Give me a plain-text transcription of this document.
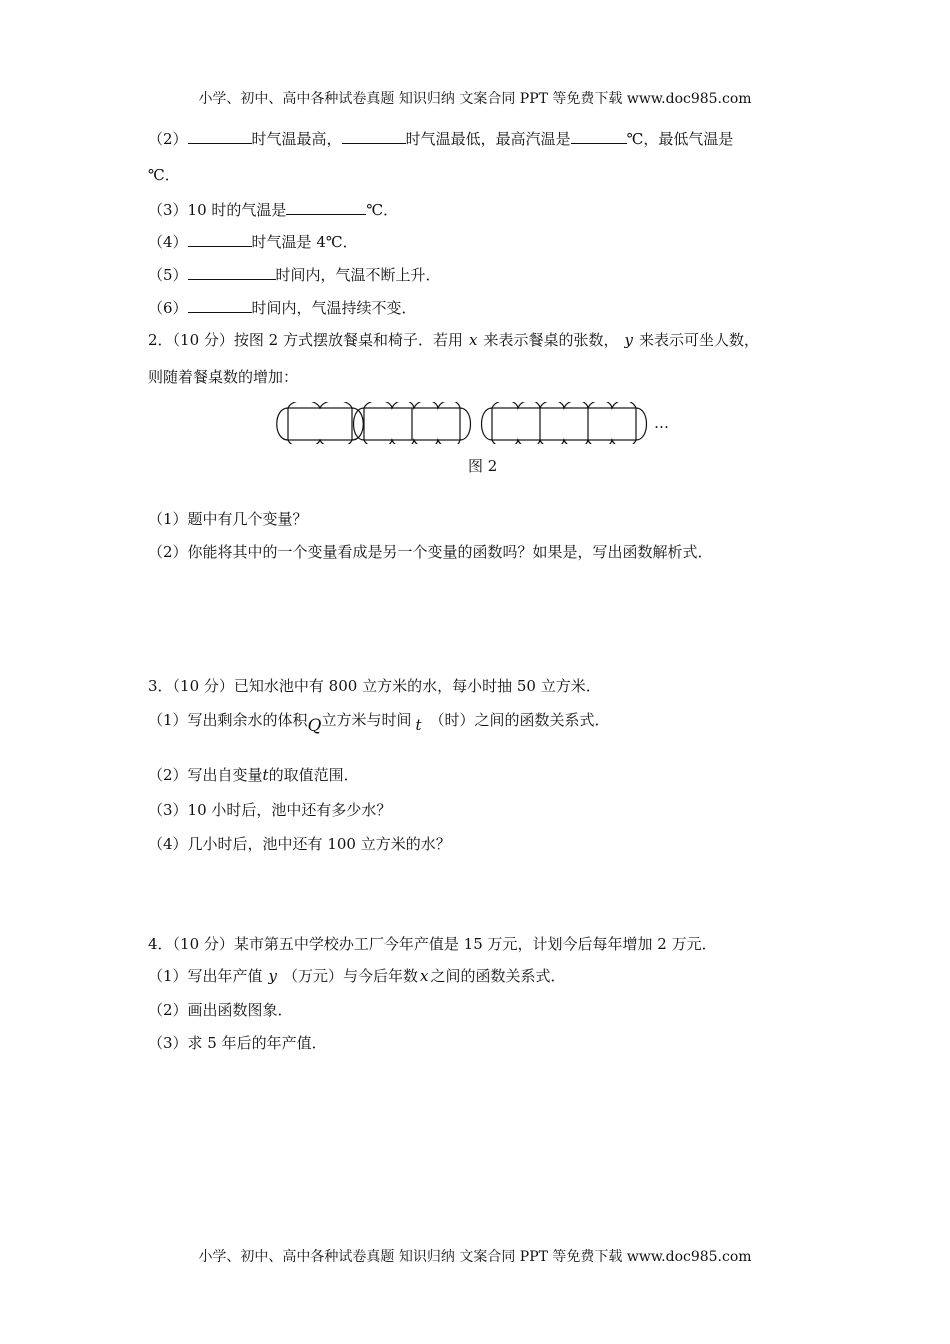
小学、初中、高中各种试卷真题 知识归纳 文案合同 PPT 等免费下载 www.doc985.com
（2）	时气温最高，	时气温最低，最高汽温是	℃，最低气温是
℃．
（3）10 时的气温是	℃．
（4）	时气温是 4℃．
（5）	时间内，气温不断上升．
（6）	时间内，气温持续不变．
2．（10 分）按图 2 方式摆放餐桌和椅子．若用 x 来表示餐桌的张数， y 来表示可坐人数，
则随着餐桌数的增加：
…
图 2
（1）题中有几个变量？
（2）你能将其中的一个变量看成是另一个变量的函数吗？如果是，写出函数解析式．
3．（10 分）已知水池中有 800 立方米的水，每小时抽 50 立方米．
（1）写出剩余水的体积Q立方米与时间 t （时）之间的函数关系式．
（2）写出自变量t的取值范围．
（3）10 小时后，池中还有多少水？
（4）几小时后，池中还有 100 立方米的水？
4．（10 分）某市第五中学校办工厂今年产值是 15 万元，计划今后每年增加 2 万元．
（1）写出年产值 y （万元）与今后年数 x 之间的函数关系式．
（2）画出函数图象．
（3）求 5 年后的年产值．
小学、初中、高中各种试卷真题 知识归纳 文案合同 PPT 等免费下载 www.doc985.com
